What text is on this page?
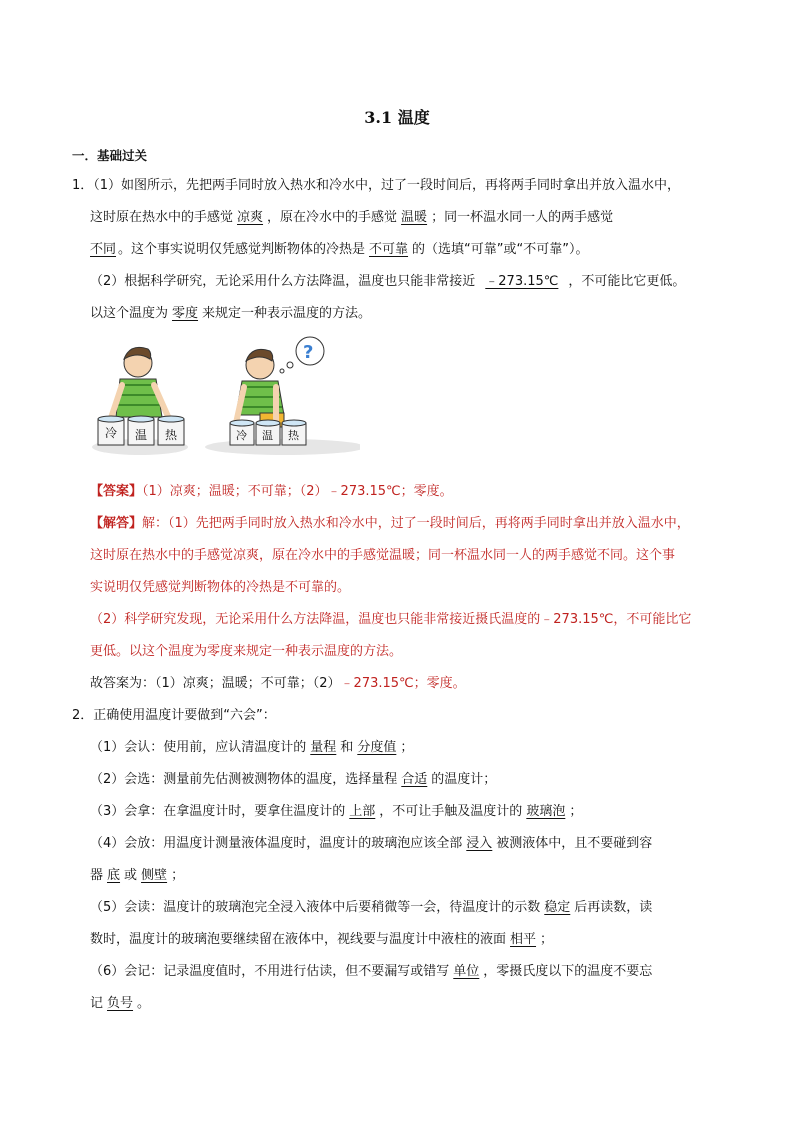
3.1 温度
一．基础过关
1．（1）如图所示，先把两手同时放入热水和冷水中，过了一段时间后，再将两手同时拿出并放入温水中，
这时原在热水中的手感觉 凉爽 ，原在冷水中的手感觉 温暖 ；同一杯温水同一人的两手感觉
不同 。这个事实说明仅凭感觉判断物体的冷热是 不可靠 的（选填“可靠”或“不可靠”）。
（2）根据科学研究，无论采用什么方法降温，温度也只能非常接近 ﹣273.15℃ ，不可能比它更低。
以这个温度为 零度 来规定一种表示温度的方法。
冷 温 热
?
冷 温 热
【答案】（1）凉爽；温暖；不可靠；（2）﹣273.15℃；零度。
【解答】解：（1）先把两手同时放入热水和冷水中，过了一段时间后，再将两手同时拿出并放入温水中，
这时原在热水中的手感觉凉爽，原在冷水中的手感觉温暖；同一杯温水同一人的两手感觉不同。这个事
实说明仅凭感觉判断物体的冷热是不可靠的。
（2）科学研究发现，无论采用什么方法降温，温度也只能非常接近摄氏温度的﹣273.15℃，不可能比它
更低。以这个温度为零度来规定一种表示温度的方法。
故答案为：（1）凉爽；温暖；不可靠；（2）﹣273.15℃；零度。
2．正确使用温度计要做到“六会”：
（1）会认：使用前，应认清温度计的 量程 和 分度值 ；
（2）会选：测量前先估测被测物体的温度，选择量程 合适 的温度计；
（3）会拿：在拿温度计时，要拿住温度计的 上部 ，不可让手触及温度计的 玻璃泡 ；
（4）会放：用温度计测量液体温度时，温度计的玻璃泡应该全部 浸入 被测液体中，且不要碰到容
器 底 或 侧壁 ；
（5）会读：温度计的玻璃泡完全浸入液体中后要稍微等一会，待温度计的示数 稳定 后再读数，读
数时，温度计的玻璃泡要继续留在液体中，视线要与温度计中液柱的液面 相平 ；
（6）会记：记录温度值时，不用进行估读，但不要漏写或错写 单位 ，零摄氏度以下的温度不要忘
记 负号 。
